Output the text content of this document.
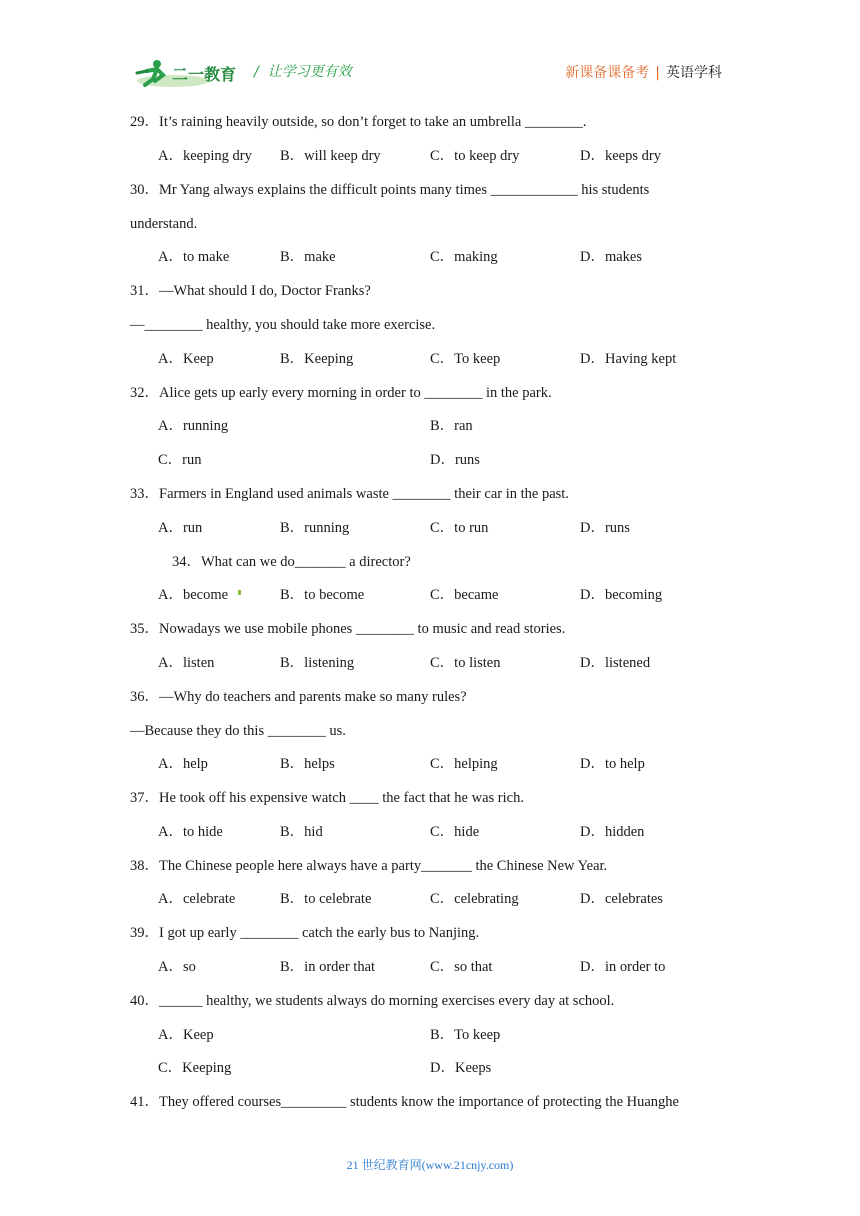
二一教育 /  让学习更有效	新课备课备考 | 英语学科
29．It’s raining heavily outside, so don’t forget to take an umbrella ________.
A．keeping dry B．will keep dry	C．to keep dry	D．keeps dry
30．Mr Yang always explains the difficult points many times ____________ his students
understand.
A．to make	B．make	C．making	D．makes
31．—What should I do, Doctor Franks?
—________ healthy, you should take more exercise.
A．Keep	B．Keeping	C．To keep	D．Having kept
32．Alice gets up early every morning in order to ________ in the park.
A．running	B．ran
C．run	D．runs
33．Farmers in England used animals waste ________ their car in the past.
A．run	B．running	C．to run	D．runs
34．What can we do_______ a director?
A．become	B．to become	C．became	D．becoming
35．Nowadays we use mobile phones ________ to music and read stories.
A．listen	B．listening	C．to listen	D．listened
36．—Why do teachers and parents make so many rules?
—Because they do this ________ us.
A．help	B．helps	C．helping	D．to help
37．He took off his expensive watch ____ the fact that he was rich.
A．to hide	B．hid	C．hide	D．hidden
38．The Chinese people here always have a party_______ the Chinese New Year.
A．celebrate	B．to celebrate	C．celebrating	D．celebrates
39．I got up early ________ catch the early bus to Nanjing.
A．so	B．in order that	C．so that	D．in order to
40．______ healthy, we students always do morning exercises every day at school.
A．Keep	B．To keep
C．Keeping	D．Keeps
41．They offered courses_________ students know the importance of protecting the Huanghe
21 世纪教育网(www.21cnjy.com)
